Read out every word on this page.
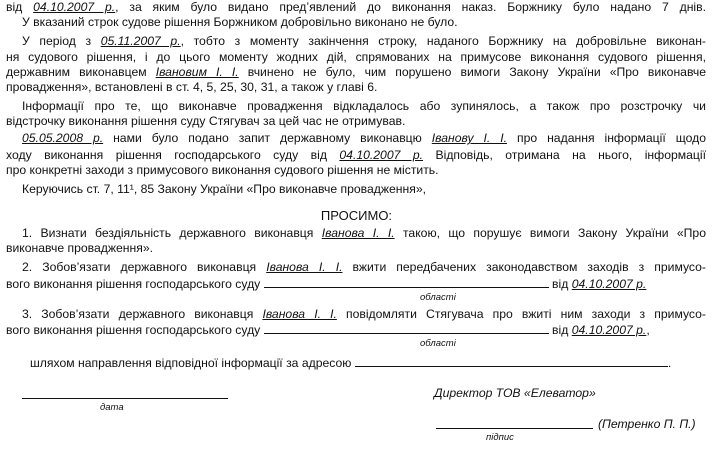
від 04.10.2007 р., за яким було видано пред’явлений до виконання наказ. Боржнику було надано 7 днів.
У вказаний строк судове рішення Боржником добровільно виконано не було.
У період з 05.11.2007 р., тобто з моменту закінчення строку, наданого Боржнику на добровільне виконан-
ня судового рішення, і до цього моменту жодних дій, спрямованих на примусове виконання судового рішення,
державним виконавцем Івановим І. І. вчинено не було, чим порушено вимоги Закону України «Про виконавче
провадження», встановлені в ст. 4, 5, 25, 30, 31, а також у главі 6.
Інформації про те, що виконавче провадження відкладалось або зупинялось, а також про розстрочку чи
відстрочку виконання рішення суду Стягувач за цей час не отримував.
05.05.2008 р. нами було подано запит державному виконавцю Іванову І. І. про надання інформації щодо
ходу виконання рішення господарського суду від 04.10.2007 р. Відповідь, отримана на нього, інформації
про конкретні заходи з примусового виконання судового рішення не містить.
Керуючись ст. 7, 11¹, 85 Закону України «Про виконавче провадження»,
ПРОСИМО:
1. Визнати бездіяльність державного виконавця Іванова І. І. такою, що порушує вимоги Закону України «Про
виконавче провадження».
2. Зобов’язати державного виконавця Іванова І. І. вжити передбачених законодавством заходів з примусо-
вого виконання рішення господарського суду	від 04.10.2007 р.
області
3. Зобов’язати державного виконавця Іванова І. І. повідомляти Стягувача про вжиті ним заходи з примусо-
вого виконання рішення господарського суду	від 04.10.2007 р.,
області
шляхом направлення відповідної інформації за адресою	.
Директор ТОВ «Елеватор»
дата
(Петренко П. П.)
підпис
